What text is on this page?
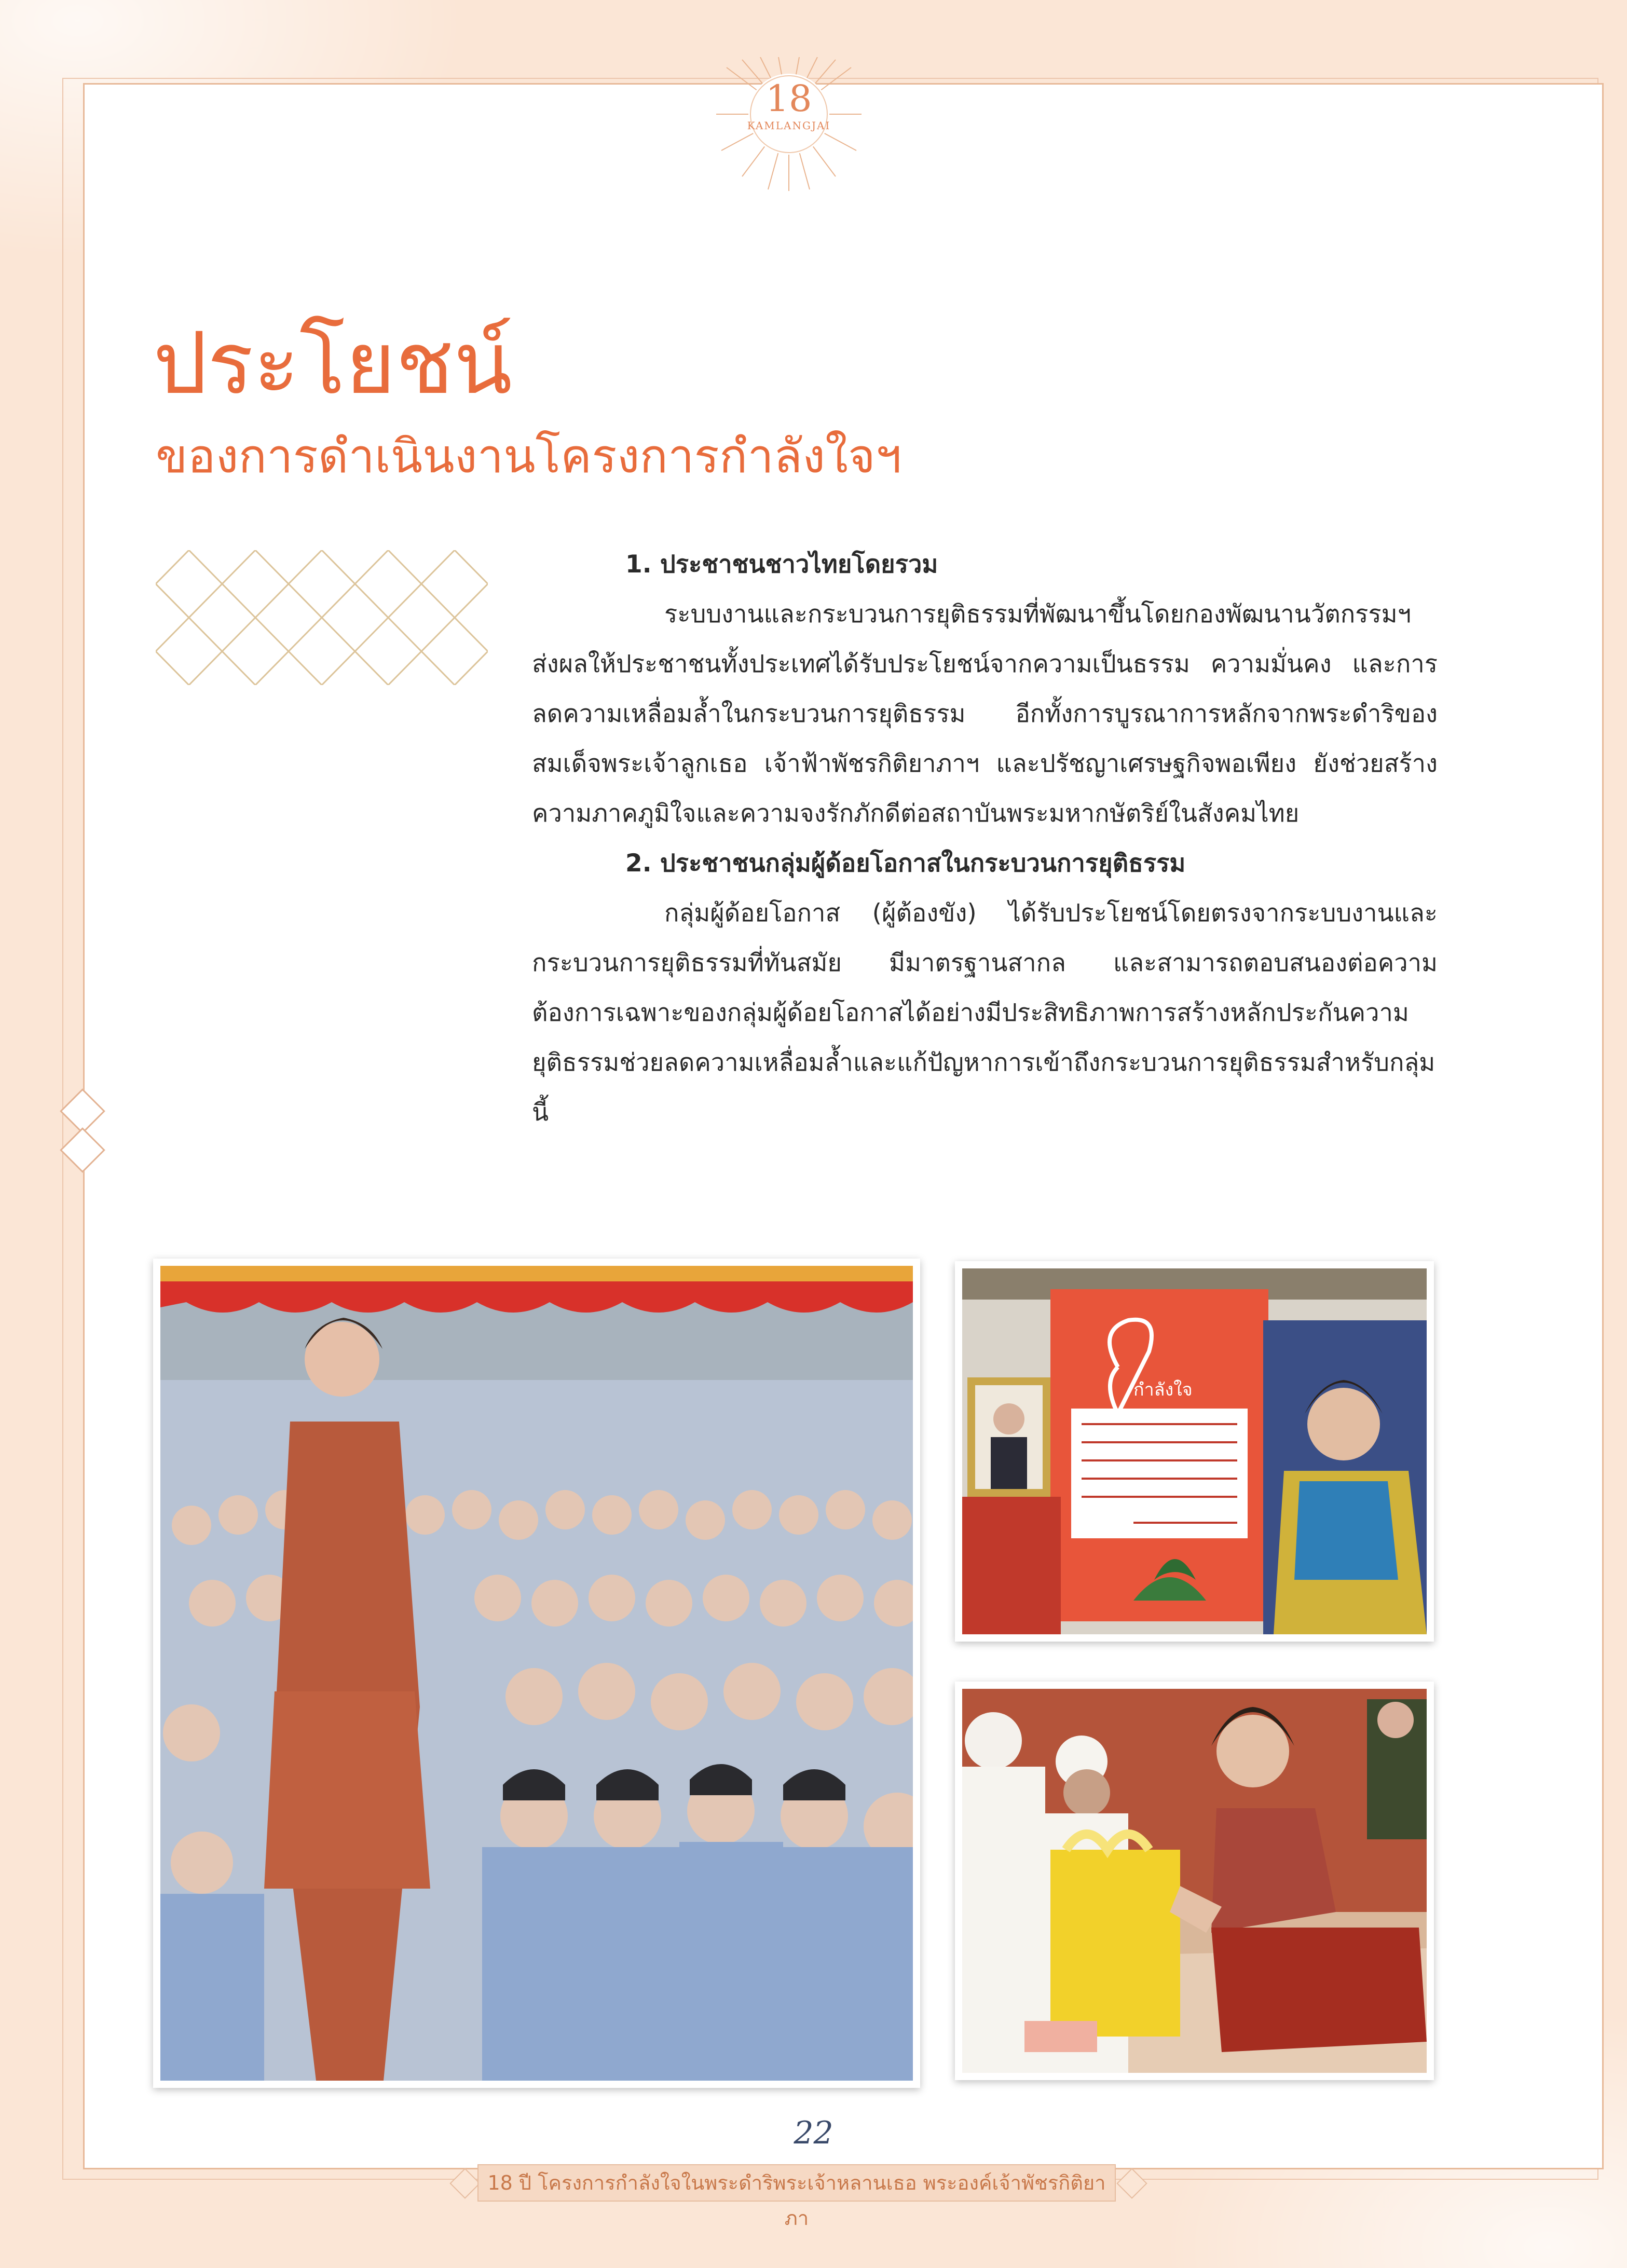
18
KAMLANGJAI
ประโยชน์
ของการดำเนินงานโครงการกำลังใจฯ

1. ประชาชนชาวไทยโดยรวม

ระบบงานและกระบวนการยุติธรรมที่พัฒนาขึ้นโดยกองพัฒนานวัตกรรมฯ ส่งผลให้ประชาชนทั้งประเทศได้รับประโยชน์จากความเป็นธรรม ความมั่นคง และการลดความเหลื่อมล้ำในกระบวนการยุติธรรม อีกทั้งการบูรณาการหลักจากพระดำริของสมเด็จพระเจ้าลูกเธอ เจ้าฟ้าพัชรกิติยาภาฯ และปรัชญาเศรษฐกิจพอเพียง ยังช่วยสร้างความภาคภูมิใจและความจงรักภักดีต่อสถาบันพระมหากษัตริย์ในสังคมไทย

2. ประชาชนกลุ่มผู้ด้อยโอกาสในกระบวนการยุติธรรม

กลุ่มผู้ด้อยโอกาส (ผู้ต้องขัง) ได้รับประโยชน์โดยตรงจากระบบงานและกระบวนการยุติธรรมที่ทันสมัย มีมาตรฐานสากล และสามารถตอบสนองต่อความต้องการเฉพาะของกลุ่มผู้ด้อยโอกาสได้อย่างมีประสิทธิภาพการสร้างหลักประกันความยุติธรรมช่วยลดความเหลื่อมล้ำและแก้ปัญหาการเข้าถึงกระบวนการยุติธรรมสำหรับกลุ่มนี้

กำลังใจ
22
18 ปี โครงการกำลังใจในพระดำริพระเจ้าหลานเธอ พระองค์เจ้าพัชรกิติยาภา
